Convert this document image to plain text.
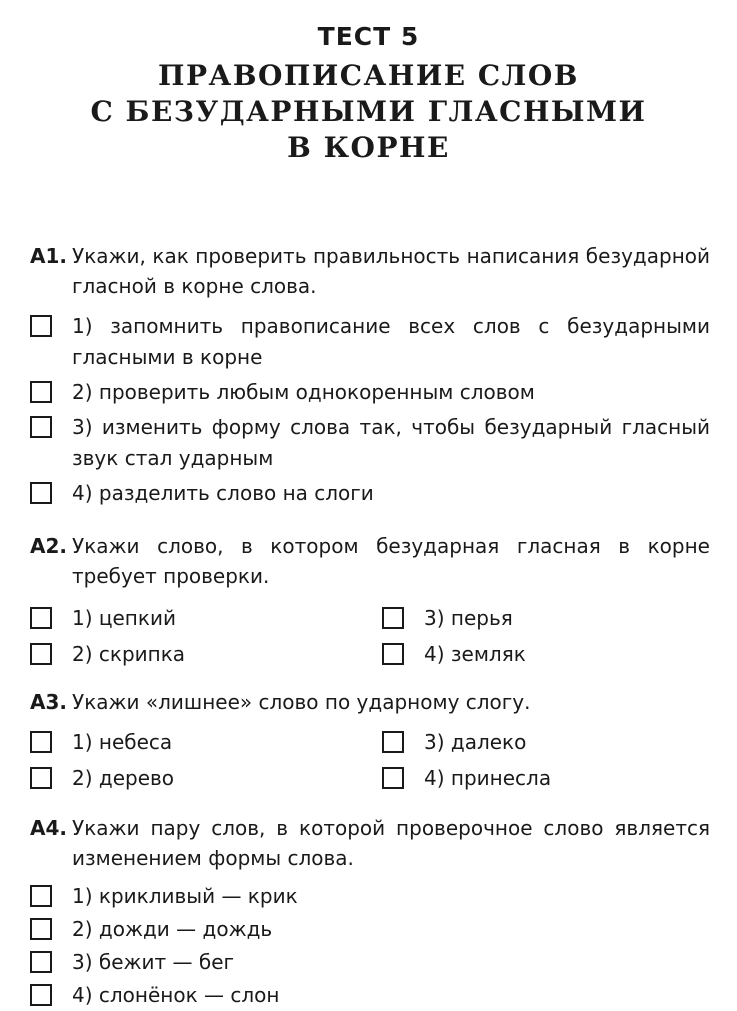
ТЕСТ 5
ПРАВОПИСАНИЕ СЛОВ
С БЕЗУДАРНЫМИ ГЛАСНЫМИ
В КОРНЕ
А1. Укажи, как проверить правильность написания безударной гласной в корне слова.
1) запомнить правописание всех слов с безударными гласными в корне
2) проверить любым однокоренным словом
3) изменить форму слова так, чтобы безударный гласный звук стал ударным
4) разделить слово на слоги
А2. Укажи слово, в котором безударная гласная в корне требует проверки.
1) цепкий
2) скрипка
3) перья
4) земляк
А3. Укажи «лишнее» слово по ударному слогу.
1) небеса
2) дерево
3) далеко
4) принесла
А4. Укажи пару слов, в которой проверочное слово является изменением формы слова.
1) крикливый — крик
2) дожди — дождь
3) бежит — бег
4) слонёнок — слон
